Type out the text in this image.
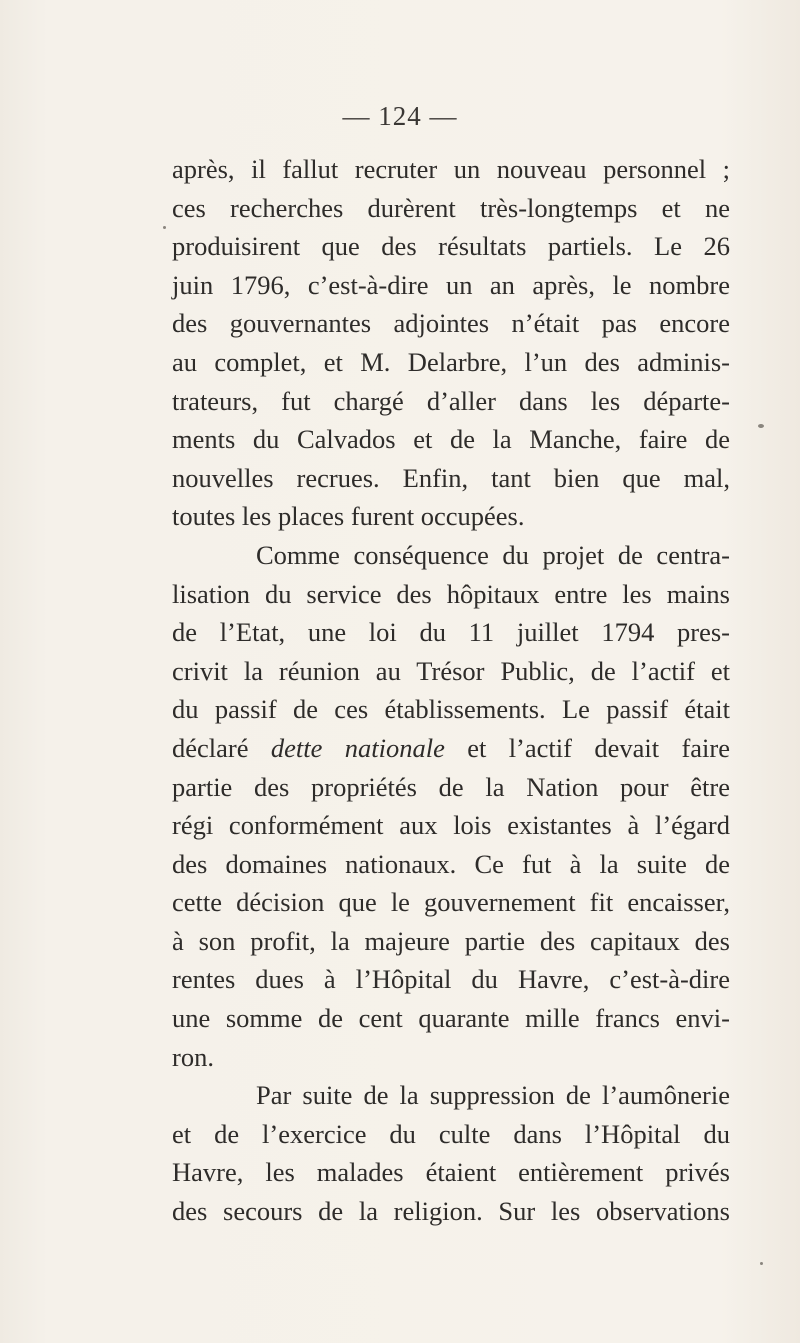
— 124 —
après, il fallut recruter un nouveau personnel ;
ces recherches durèrent très-longtemps et ne
produisirent que des résultats partiels. Le 26
juin 1796, c’est-à-dire un an après, le nombre
des gouvernantes adjointes n’était pas encore
au complet, et M. Delarbre, l’un des adminis-
trateurs, fut chargé d’aller dans les départe-
ments du Calvados et de la Manche, faire de
nouvelles recrues. Enfin, tant bien que mal,
toutes les places furent occupées.
Comme conséquence du projet de centra-
lisation du service des hôpitaux entre les mains
de l’Etat, une loi du 11 juillet 1794 pres-
crivit la réunion au Trésor Public, de l’actif et
du passif de ces établissements. Le passif était
déclaré dette nationale et l’actif devait faire
partie des propriétés de la Nation pour être
régi conformément aux lois existantes à l’égard
des domaines nationaux. Ce fut à la suite de
cette décision que le gouvernement fit encaisser,
à son profit, la majeure partie des capitaux des
rentes dues à l’Hôpital du Havre, c’est-à-dire
une somme de cent quarante mille francs envi-
ron.
Par suite de la suppression de l’aumônerie
et de l’exercice du culte dans l’Hôpital du
Havre, les malades étaient entièrement privés
des secours de la religion. Sur les observations
